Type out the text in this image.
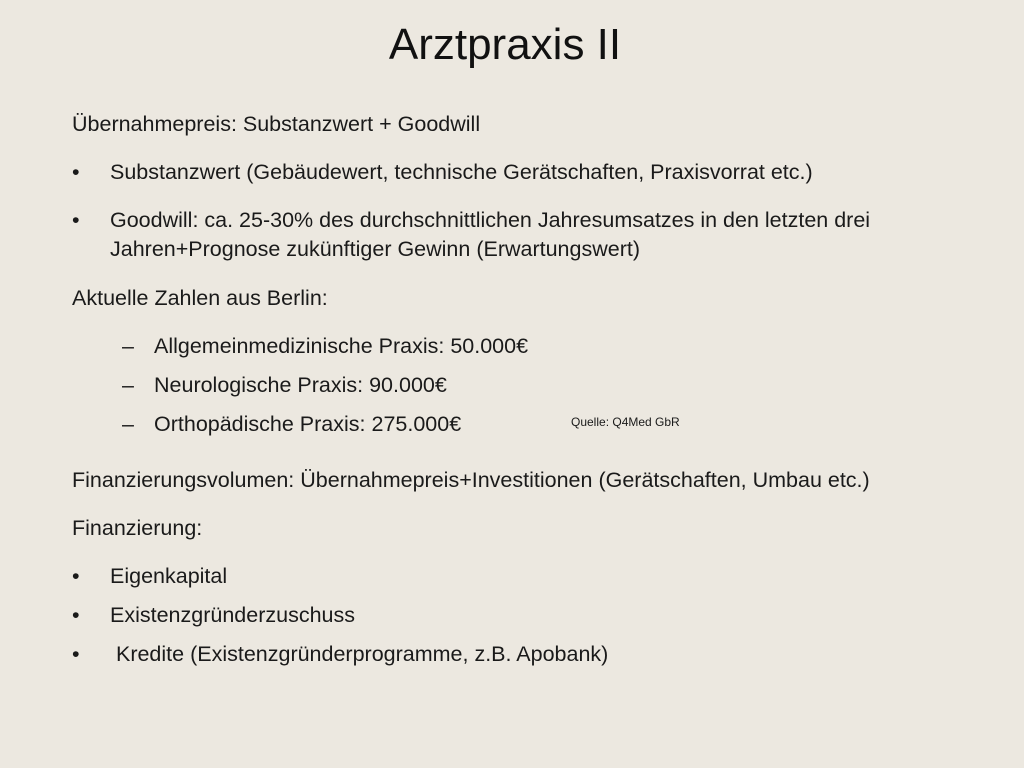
Arztpraxis II
Übernahmepreis: Substanzwert + Goodwill
•	Substanzwert (Gebäudewert, technische Gerätschaften, Praxisvorrat etc.)
•	Goodwill: ca. 25-30% des durchschnittlichen Jahresumsatzes in den letzten drei
Jahren+Prognose zukünftiger Gewinn (Erwartungswert)
Aktuelle Zahlen aus Berlin:
– Allgemeinmedizinische Praxis: 50.000€
– Neurologische Praxis: 90.000€
– Orthopädische Praxis: 275.000€	Quelle: Q4Med GbR
Finanzierungsvolumen: Übernahmepreis+Investitionen (Gerätschaften, Umbau etc.)
Finanzierung:
•	Eigenkapital
•	Existenzgründerzuschuss
•	Kredite (Existenzgründerprogramme, z.B. Apobank)
